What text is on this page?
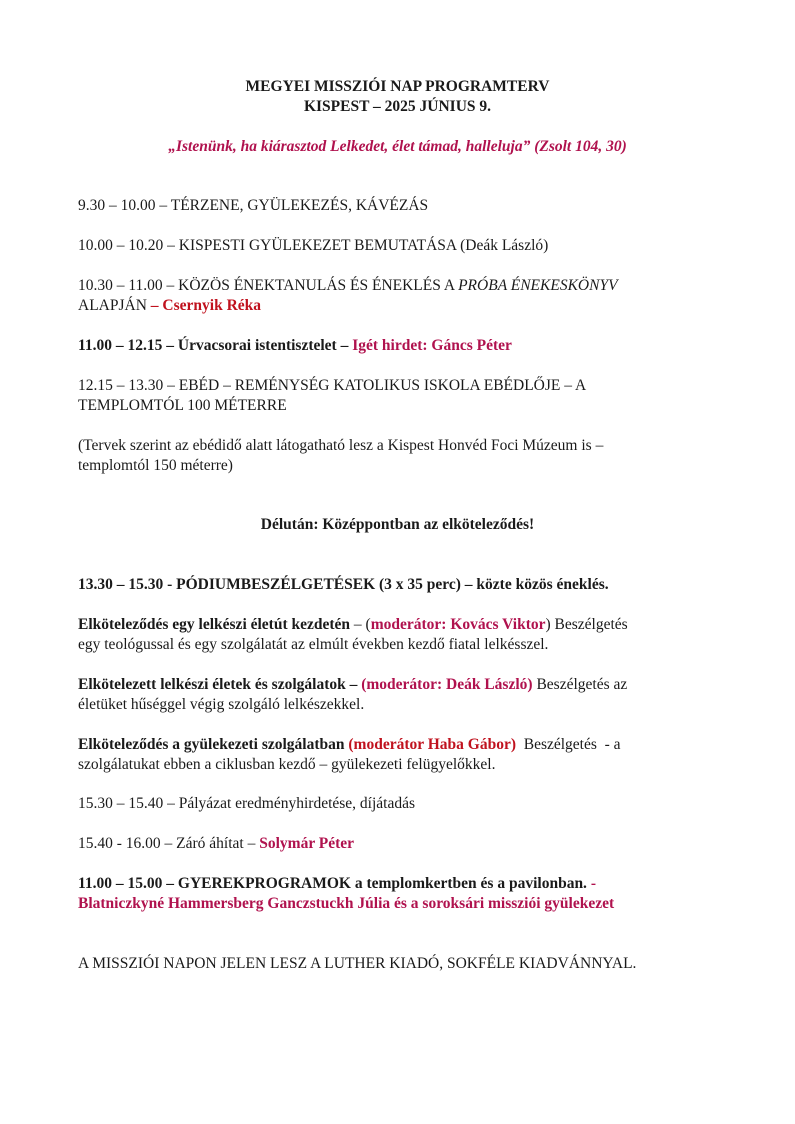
MEGYEI MISSZIÓI NAP PROGRAMTERV
KISPEST – 2025 JÚNIUS 9.
„Istenünk, ha kiárasztod Lelkedet, élet támad, halleluja” (Zsolt 104, 30)
9.30 – 10.00 – TÉRZENE, GYÜLEKEZÉS, KÁVÉZÁS
10.00 – 10.20 – KISPESTI GYÜLEKEZET BEMUTATÁSA (Deák László)
10.30 – 11.00 – KÖZÖS ÉNEKTANULÁS ÉS ÉNEKLÉS A PRÓBA ÉNEKESKÖNYV
ALAPJÁN – Csernyik Réka
11.00 – 12.15 – Úrvacsorai istentisztelet – Igét hirdet: Gáncs Péter
12.15 – 13.30 – EBÉD – REMÉNYSÉG KATOLIKUS ISKOLA EBÉDLŐJE – A
TEMPLOMTÓL 100 MÉTERRE
(Tervek szerint az ebédidő alatt látogatható lesz a Kispest Honvéd Foci Múzeum is –
templomtól 150 méterre)
Délután: Középpontban az elköteleződés!
13.30 – 15.30 - PÓDIUMBESZÉLGETÉSEK (3 x 35 perc) – közte közös éneklés.
Elköteleződés egy lelkészi életút kezdetén – (moderátor: Kovács Viktor) Beszélgetés
egy teológussal és egy szolgálatát az elmúlt években kezdő fiatal lelkésszel.
Elkötelezett lelkészi életek és szolgálatok – (moderátor: Deák László) Beszélgetés az
életüket hűséggel végig szolgáló lelkészekkel.
Elköteleződés a gyülekezeti szolgálatban (moderátor Haba Gábor)  Beszélgetés  - a
szolgálatukat ebben a ciklusban kezdő – gyülekezeti felügyelőkkel.
15.30 – 15.40 – Pályázat eredményhirdetése, díjátadás
15.40 - 16.00 – Záró áhítat – Solymár Péter
11.00 – 15.00 – GYEREKPROGRAMOK a templomkertben és a pavilonban. -
Blatniczkyné Hammersberg Ganczstuckh Júlia és a soroksári missziói gyülekezet
A MISSZIÓI NAPON JELEN LESZ A LUTHER KIADÓ, SOKFÉLE KIADVÁNNYAL.
